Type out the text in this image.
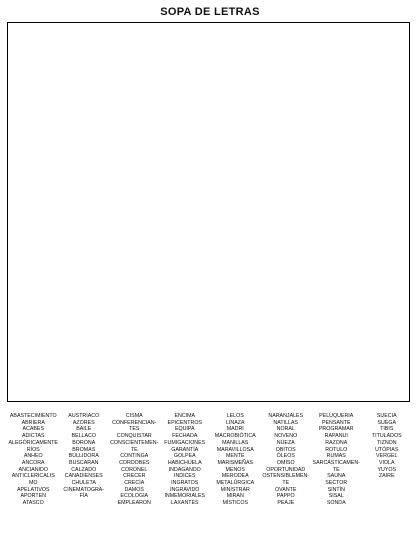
SOPA DE LETRAS
ABASTECIMIENTO
ABRIERA
ACABES
ADICTAS
ALEGÓRICAMENTE
RÍOS
ANHEO
ANCORA
ANCIANIDO
ANTICLERICALIS
MO
APELATIVOS
APORTEN
ATASCO
AUSTRIACO
AZORES
BAILE
BELLACO
BORONA
BROMAS
BULLIDORA
BUSCARAN
CALZADO
CANADIENSES
CHULETA
CINEMATOGRA-
FÍA
CISMA
CONFERENCIAN-
TES
CONQUISTAR
CONSCIENTEMEN-
TE
CONTINGA
CORDOBES
CORONEL
CRECER
CRECÍA
DAMOS
ECOLOGIA
EMPLEARON
ENCIMA
EPICENTROS
EQUIPA
FECHADA
FUMIGACIONES
GARANTÍA
GOLPEA
HABICHUELA
INDAGANDO
INDICES
INGRATOS
INGRAVIDO
INMEMORIALES
LAXANTES
LELOS
LINAZA
MADRI
MACROBIÓTICA
MANILLAS
MARAVILLOSA
MENTE
MARISMEÑAS
MENOS
MERODEA
METALÚRGICA
MINISTRAR
MIRAN
MÍSTICOS
NARANJALES
NATILLAS
NORAL
NOVENO
NUEZA
OBITOS
ÓLEOS
OMISO
OPORTUNIDAD
OSTENSIBLEMEN-
TE
OVANTE
PAPPO
PEAJE
PELUQUERIA
PENSANTE
PROGRAMAR
RAPANUI
RAZONA
ROTULO
RUMAS
SARCÁSTICAMEN-
TE
SAUNA
SECTOR
SINTÍN
SISAL
SONDA
SUECIA
SUEGA
TIBIS
TITULADOS
TIZNON
UTÓPIAS
VERGEL
VIOLA
YUYOS
ZAIRE
